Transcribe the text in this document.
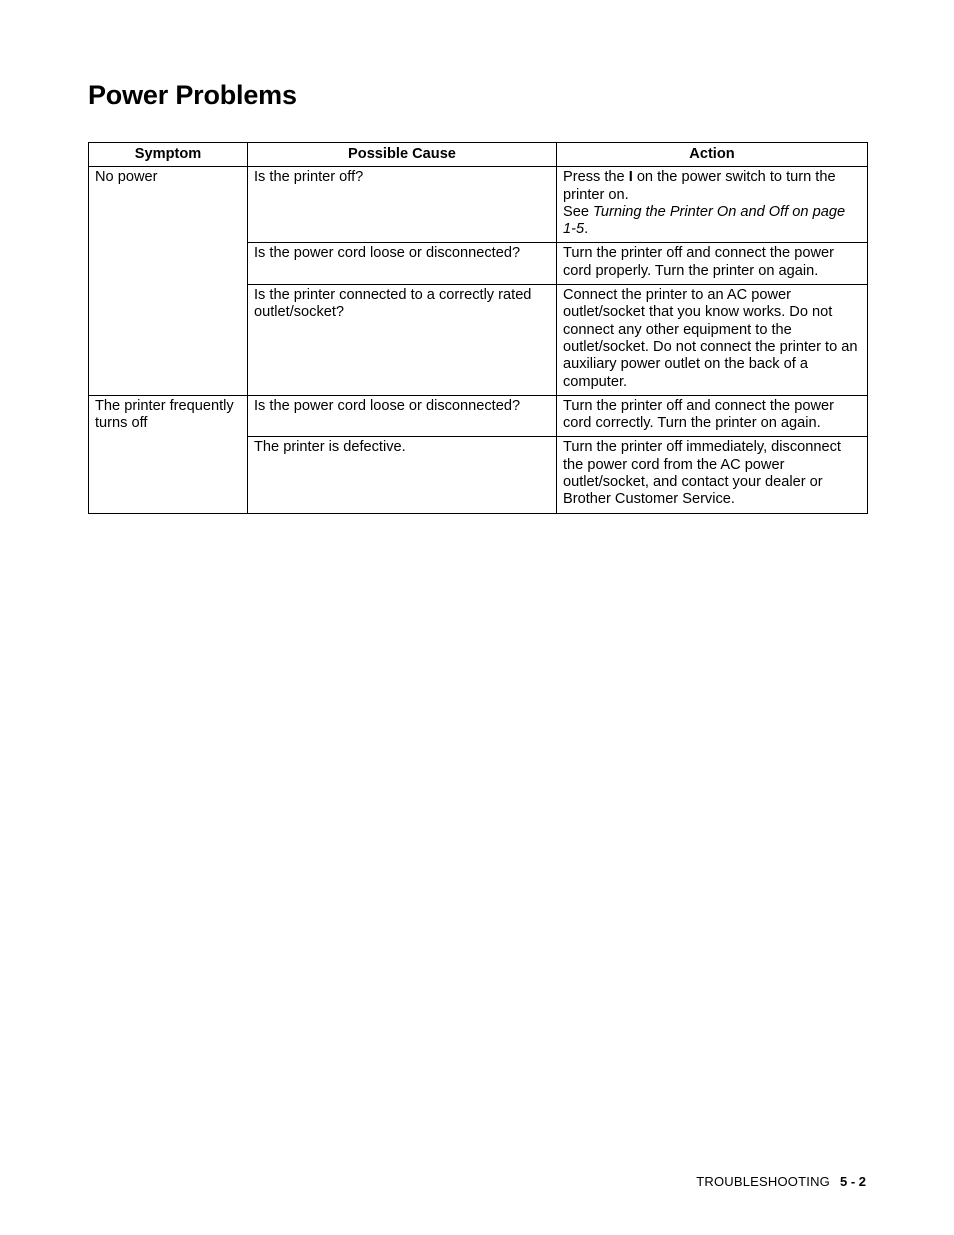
Power Problems
Symptom	Possible Cause	Action
No power	Is the printer off?	Press the I on the power switch to turn the printer on.
See Turning the Printer On and Off on page 1-5.
	Is the power cord loose or disconnected?	Turn the printer off and connect the power cord properly. Turn the printer on again.
	Is the printer connected to a correctly rated outlet/socket?	Connect the printer to an AC power outlet/socket that you know works. Do not connect any other equipment to the outlet/socket. Do not connect the printer to an auxiliary power outlet on the back of a computer.
The printer frequently turns off	Is the power cord loose or disconnected?	Turn the printer off and connect the power cord correctly. Turn the printer on again.
	The printer is defective.	Turn the printer off immediately, disconnect the power cord from the AC power outlet/socket, and contact your dealer or Brother Customer Service.
TROUBLESHOOTING 5 - 2
